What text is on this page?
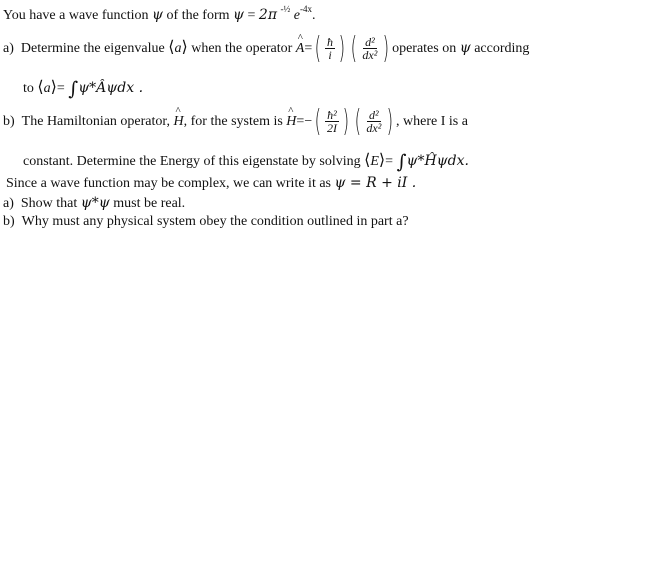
You have a wave function ψ of the form ψ = 2π $^{-\frac{1}{2}}$ $e^{-4x}$.
a) Determine the eigenvalue ⟨a⟩ when the operator ^ $A=( \frac{ħ}{i}$ ) ( $\frac{\text{d²}}{\text{dx²}}$ ) operates on ψ according
to ⟨a⟩= ∫ψ*Âψdx .
b) The Hamiltonian operator, ^ H, for the system is ^ $H=-( \frac{\text{ħ²}}{2I}$ ) ( $\frac{\text{d²}}{\text{dx²}}$ ) , where I is a
constant. Determine the Energy of this eigenstate by solving ⟨E⟩= ∫ψ*Ĥψdx.
Since a wave function may be complex, we can write it as ψ = R + iI .
a) Show that ψ*ψ must be real.
b) Why must any physical system obey the condition outlined in part a?
